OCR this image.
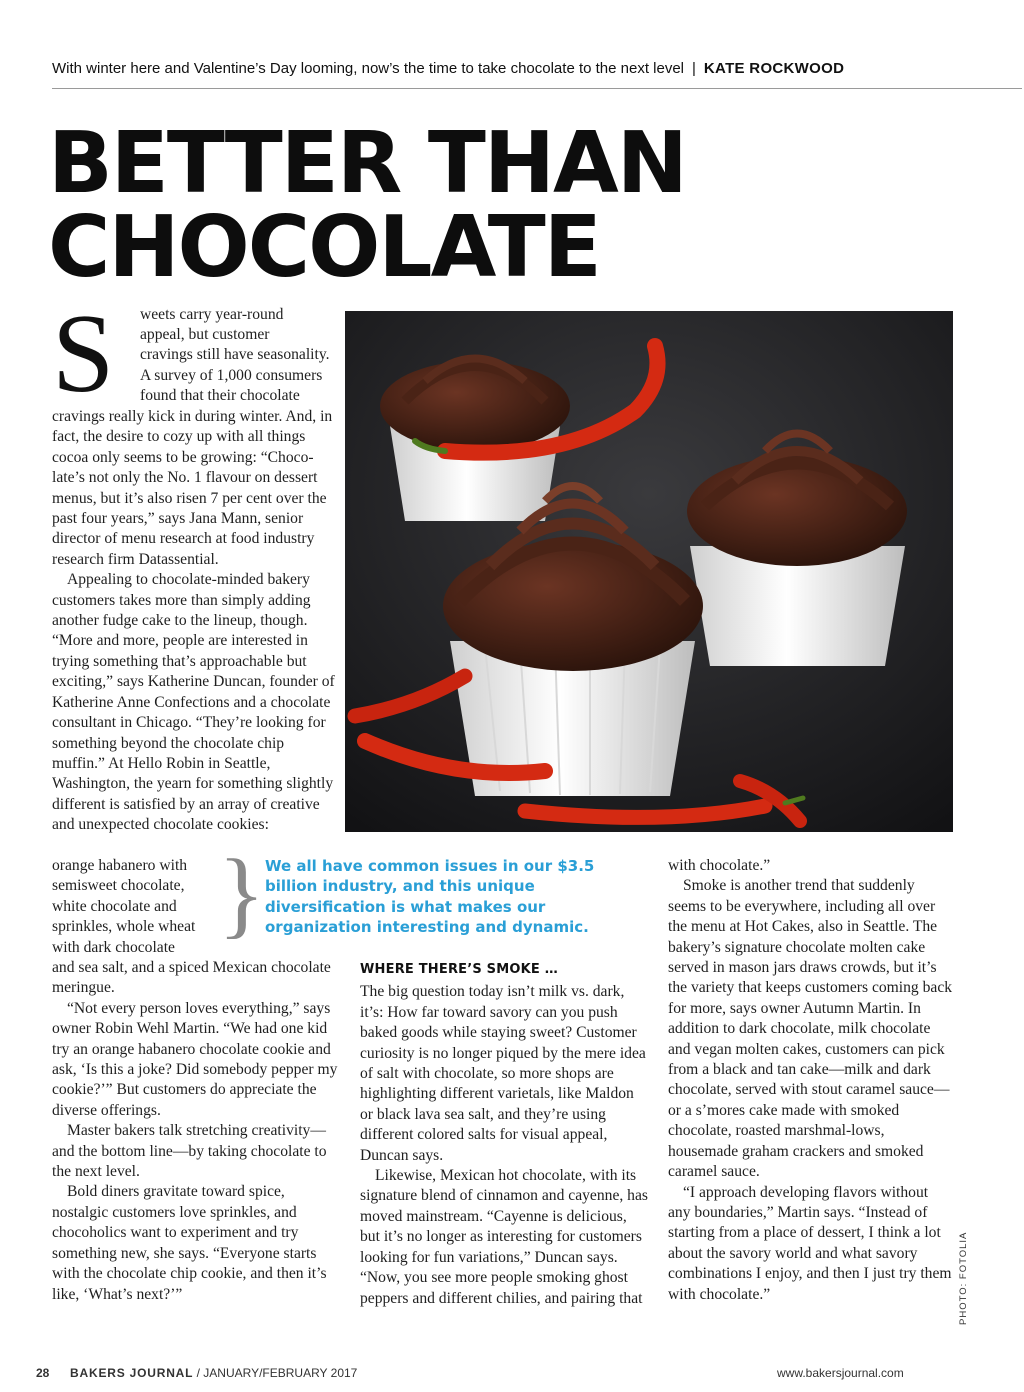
With winter here and Valentine’s Day looming, now’s the time to take chocolate to the next level | KATE ROCKWOOD
BETTER THAN
CHOCOLATE
S	weets carry year-round
appeal, but customer
cravings still have seasonality.
A survey of 1,000 consumers
found that their chocolate

cravings really kick in during winter. And, in fact, the desire to cozy up with all things cocoa only seems to be growing: “Choco-late’s not only the No. 1 flavour on dessert menus, but it’s also risen 7 per cent over the past four years,” says Jana Mann, senior director of menu research at food industry research firm Datassential.

Appealing to chocolate-minded bakery customers takes more than simply adding another fudge cake to the lineup, though. “More and more, people are interested in trying something that’s approachable but exciting,” says Katherine Duncan, founder of Katherine Anne Confections and a chocolate consultant in Chicago. “They’re looking for something beyond the chocolate chip muffin.” At Hello Robin in Seattle, Washington, the yearn for something slightly different is satisfied by an array of creative and unexpected chocolate cookies:

orange habanero with
semisweet chocolate,
white chocolate and
sprinkles, whole wheat
with dark chocolate

and sea salt, and a spiced Mexican chocolate meringue.

“Not every person loves everything,” says owner Robin Wehl Martin. “We had one kid try an orange habanero chocolate cookie and ask, ‘Is this a joke? Did somebody pepper my cookie?’” But customers do appreciate the diverse offerings.

Master bakers talk stretching creativity— and the bottom line—by taking chocolate to the next level.

Bold diners gravitate toward spice, nostalgic customers love sprinkles, and chocoholics want to experiment and try something new, she says. “Everyone starts with the chocolate chip cookie, and then it’s like, ‘What’s next?’”

} We all have common issues in our $3.5 billion industry, and this unique diversification is what makes our organization interesting and dynamic.
WHERE THERE’S SMOKE …

The big question today isn’t milk vs. dark, it’s: How far toward savory can you push baked goods while staying sweet? Customer curiosity is no longer piqued by the mere idea of salt with chocolate, so more shops are highlighting different varietals, like Maldon or black lava sea salt, and they’re using different colored salts for visual appeal, Duncan says.

Likewise, Mexican hot chocolate, with its signature blend of cinnamon and cayenne, has moved mainstream. “Cayenne is delicious, but it’s no longer as interesting for customers looking for fun variations,” Duncan says. “Now, you see more people smoking ghost peppers and different chilies, and pairing that

with chocolate.”

Smoke is another trend that suddenly seems to be everywhere, including all over the menu at Hot Cakes, also in Seattle. The bakery’s signature chocolate molten cake served in mason jars draws crowds, but it’s the variety that keeps customers coming back for more, says owner Autumn Martin. In addition to dark chocolate, milk chocolate and vegan molten cakes, customers can pick from a black and tan cake—milk and dark chocolate, served with stout caramel sauce—or a s’mores cake made with smoked chocolate, roasted marshmal-lows, housemade graham crackers and smoked caramel sauce.

“I approach developing flavors without any boundaries,” Martin says. “Instead of starting from a place of dessert, I think a lot about the savory world and what savory combinations I enjoy, and then I just try them with chocolate.”	PHOTO: FOTOLIA
28 BAKERS JOURNAL / JANUARY/FEBRUARY 2017	www.bakersjournal.com
